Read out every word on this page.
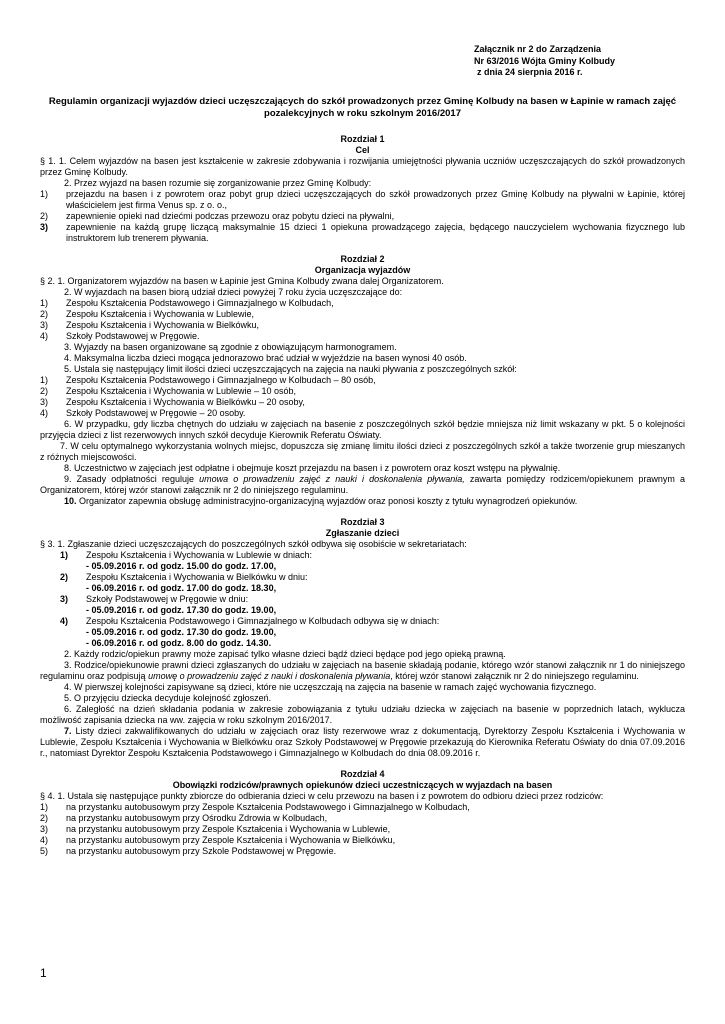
Załącznik nr 2 do Zarządzenia
Nr 63/2016 Wójta Gminy Kolbudy
z dnia 24 sierpnia 2016 r.
Regulamin organizacji wyjazdów dzieci uczęszczających do szkół prowadzonych przez Gminę Kolbudy na basen w Łapinie w ramach zajęć pozalekcyjnych w roku szkolnym 2016/2017
Rozdział 1
Cel

§ 1. 1. Celem wyjazdów na basen jest kształcenie w zakresie zdobywania i rozwijania umiejętności pływania uczniów uczęszczających do szkół prowadzonych przez Gminę Kolbudy.

2. Przez wyjazd na basen rozumie się zorganizowanie przez Gminę Kolbudy:

1)	przejazdu na basen i z powrotem oraz pobyt grup dzieci uczęszczających do szkół prowadzonych przez Gminę Kolbudy na pływalni w Łapinie, której właścicielem jest firma Venus sp. z o. o.,
2)	zapewnienie opieki nad dziećmi podczas przewozu oraz pobytu dzieci na pływalni,
3)	zapewnienie na każdą grupę liczącą maksymalnie 15 dzieci 1 opiekuna prowadzącego zajęcia, będącego nauczycielem wychowania fizycznego lub instruktorem lub trenerem pływania.
Rozdział 2
Organizacja wyjazdów

§ 2. 1. Organizatorem wyjazdów na basen w Łapinie jest Gmina Kolbudy zwana dalej Organizatorem.

2. W wyjazdach na basen biorą udział dzieci powyżej 7 roku życia uczęszczające do:

1)	Zespołu Kształcenia Podstawowego i Gimnazjalnego w Kolbudach,
2)	Zespołu Kształcenia i Wychowania w Lublewie,
3)	Zespołu Kształcenia i Wychowania w Bielkówku,
4)	Szkoły Podstawowej w Pręgowie.

3. Wyjazdy na basen organizowane są zgodnie z obowiązującym harmonogramem.

4. Maksymalna liczba dzieci mogąca jednorazowo brać udział w wyjeździe na basen wynosi 40 osób.

5. Ustala się następujący limit ilości dzieci uczęszczających na zajęcia na nauki pływania z poszczególnych szkół:

1)	Zespołu Kształcenia Podstawowego i Gimnazjalnego w Kolbudach – 80 osób,
2)	Zespołu Kształcenia i Wychowania w Lublewie – 10 osób,
3)	Zespołu Kształcenia i Wychowania w Bielkówku – 20 osoby,
4)	Szkoły Podstawowej w Pręgowie – 20 osoby.

6. W przypadku, gdy liczba chętnych do udziału w zajęciach na basenie z poszczególnych szkół będzie mniejsza niż limit wskazany w pkt. 5 o kolejności przyjęcia dzieci z list rezerwowych innych szkół decyduje Kierownik Referatu Oświaty.

7. W celu optymalnego wykorzystania wolnych miejsc, dopuszcza się zmianę limitu ilości dzieci z poszczególnych szkół a także tworzenie grup mieszanych z różnych miejscowości.

8. Uczestnictwo w zajęciach jest odpłatne i obejmuje koszt przejazdu na basen i z powrotem oraz koszt wstępu na pływalnię.

9. Zasady odpłatności reguluje umowa o prowadzeniu zajęć z nauki i doskonalenia pływania, zawarta pomiędzy rodzicem/opiekunem prawnym a Organizatorem, której wzór stanowi załącznik nr 2 do niniejszego regulaminu.

10. Organizator zapewnia obsługę administracyjno-organizacyjną wyjazdów oraz ponosi koszty z tytułu wynagrodzeń opiekunów.

Rozdział 3
Zgłaszanie dzieci

§ 3. 1. Zgłaszanie dzieci uczęszczających do poszczególnych szkół odbywa się osobiście w sekretariatach:

1)	Zespołu Kształcenia i Wychowania w Lublewie w dniach:
- 05.09.2016 r. od godz. 15.00 do godz. 17.00,
2)	Zespołu Kształcenia i Wychowania w Bielkówku w dniu:
- 06.09.2016 r. od godz. 17.00 do godz. 18.30,
3)	Szkoły Podstawowej w Pręgowie w dniu:
- 05.09.2016 r. od godz. 17.30 do godz. 19.00,
4)	Zespołu Kształcenia Podstawowego i Gimnazjalnego w Kolbudach odbywa się w dniach:
- 05.09.2016 r. od godz. 17.30 do godz. 19.00,
- 06.09.2016 r. od godz. 8.00 do godz. 14.30.

2. Każdy rodzic/opiekun prawny może zapisać tylko własne dzieci bądź dzieci będące pod jego opieką prawną.

3. Rodzice/opiekunowie prawni dzieci zgłaszanych do udziału w zajęciach na basenie składają podanie, którego wzór stanowi załącznik nr 1 do niniejszego regulaminu oraz podpisują umowę o prowadzeniu zajęć z nauki i doskonalenia pływania, której wzór stanowi załącznik nr 2 do niniejszego regulaminu.

4. W pierwszej kolejności zapisywane są dzieci, które nie uczęszczają na zajęcia na basenie w ramach zajęć wychowania fizycznego.

5. O przyjęciu dziecka decyduje kolejność zgłoszeń.

6. Zaległość na dzień składania podania w zakresie zobowiązania z tytułu udziału dziecka w zajęciach na basenie w poprzednich latach, wyklucza możliwość zapisania dziecka na ww. zajęcia w roku szkolnym 2016/2017.

7. Listy dzieci zakwalifikowanych do udziału w zajęciach oraz listy rezerwowe wraz z dokumentacją, Dyrektorzy Zespołu Kształcenia i Wychowania w Lublewie, Zespołu Kształcenia i Wychowania w Bielkówku oraz Szkoły Podstawowej w Pręgowie przekazują do Kierownika Referatu Oświaty do dnia 07.09.2016 r., natomiast Dyrektor Zespołu Kształcenia Podstawowego i Gimnazjalnego w Kolbudach do dnia 08.09.2016 r.

Rozdział 4
Obowiązki rodziców/prawnych opiekunów dzieci uczestniczących w wyjazdach na basen

§ 4. 1. Ustala się następujące punkty zbiorcze do odbierania dzieci w celu przewozu na basen i z powrotem do odbioru dzieci przez rodziców:

1)	na przystanku autobusowym przy Zespole Kształcenia Podstawowego i Gimnazjalnego w Kolbudach,
2)	na przystanku autobusowym przy Ośrodku Zdrowia w Kolbudach,
3)	na przystanku autobusowym przy Zespole Kształcenia i Wychowania w Lublewie,
4)	na przystanku autobusowym przy Zespole Kształcenia i Wychowania w Bielkówku,
5)	na przystanku autobusowym przy Szkole Podstawowej w Pręgowie.
1
